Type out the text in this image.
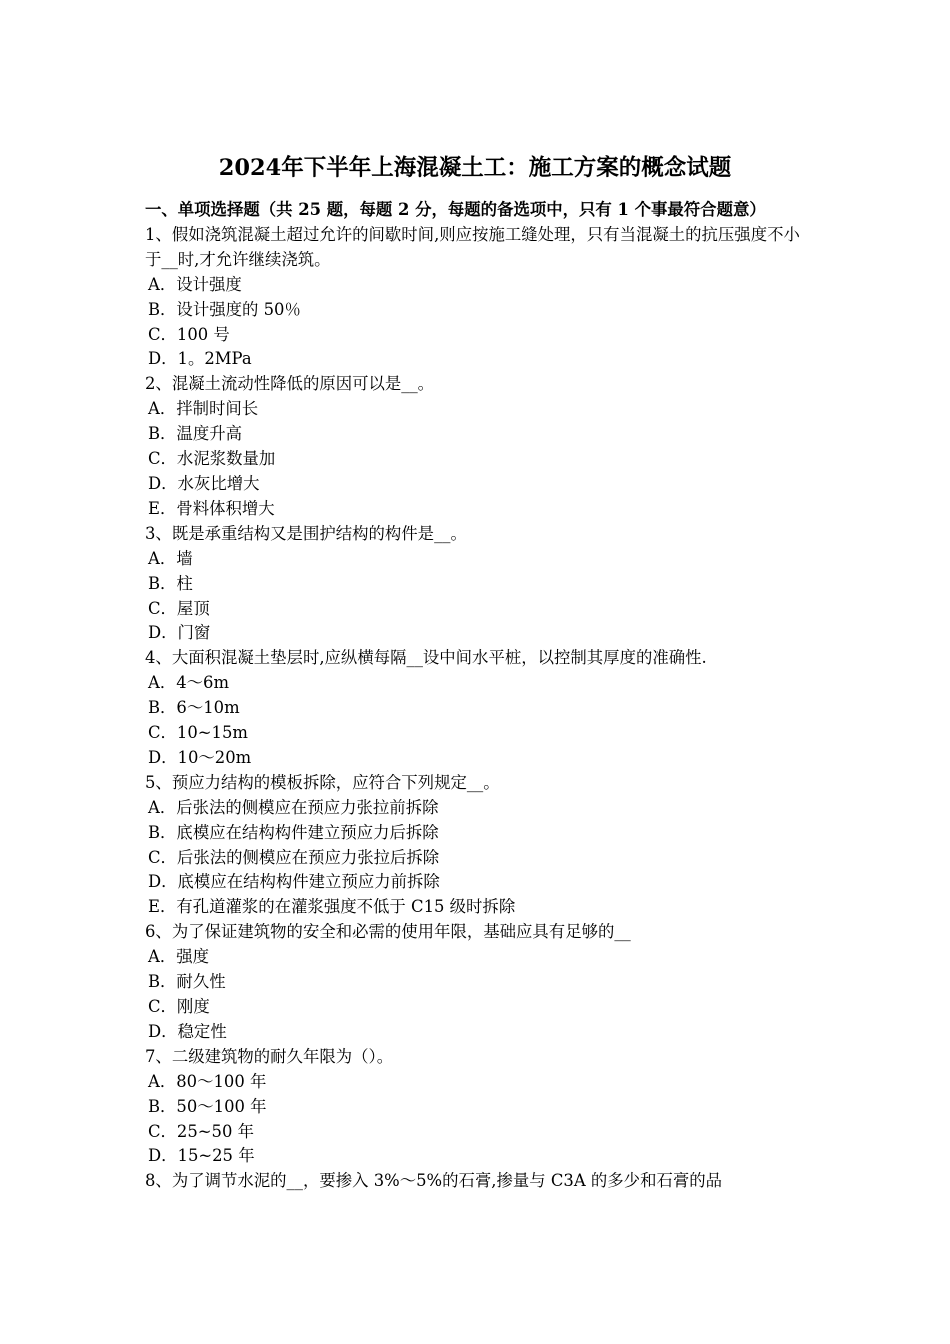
2024年下半年上海混凝土工：施工方案的概念试题
一、单项选择题（共 25 题，每题 2 分，每题的备选项中，只有 1 个事最符合题意）
1、假如浇筑混凝土超过允许的间歇时间,则应按施工缝处理，只有当混凝土的抗压强度不小于__时,才允许继续浇筑。
A．设计强度
B．设计强度的 50％
C．100 号
D．1。2MPa
2、混凝土流动性降低的原因可以是__。
A．拌制时间长
B．温度升高
C．水泥浆数量加
D．水灰比增大
E．骨料体积增大
3、既是承重结构又是围护结构的构件是__。
A．墙
B．柱
C．屋顶
D．门窗
4、大面积混凝土垫层时,应纵横每隔__设中间水平桩，以控制其厚度的准确性.
A．4～6m
B．6～10m
C．10~15m
D．10～20m
5、预应力结构的模板拆除，应符合下列规定__。
A．后张法的侧模应在预应力张拉前拆除
B．底模应在结构构件建立预应力后拆除
C．后张法的侧模应在预应力张拉后拆除
D．底模应在结构构件建立预应力前拆除
E．有孔道灌浆的在灌浆强度不低于 C15 级时拆除
6、为了保证建筑物的安全和必需的使用年限，基础应具有足够的__
A．强度
B．耐久性
C．刚度
D．稳定性
7、二级建筑物的耐久年限为（）。
A．80～100 年
B．50～100 年
C．25~50 年
D．15~25 年
8、为了调节水泥的__，要掺入 3%～5%的石膏,掺量与 C3A 的多少和石膏的品
